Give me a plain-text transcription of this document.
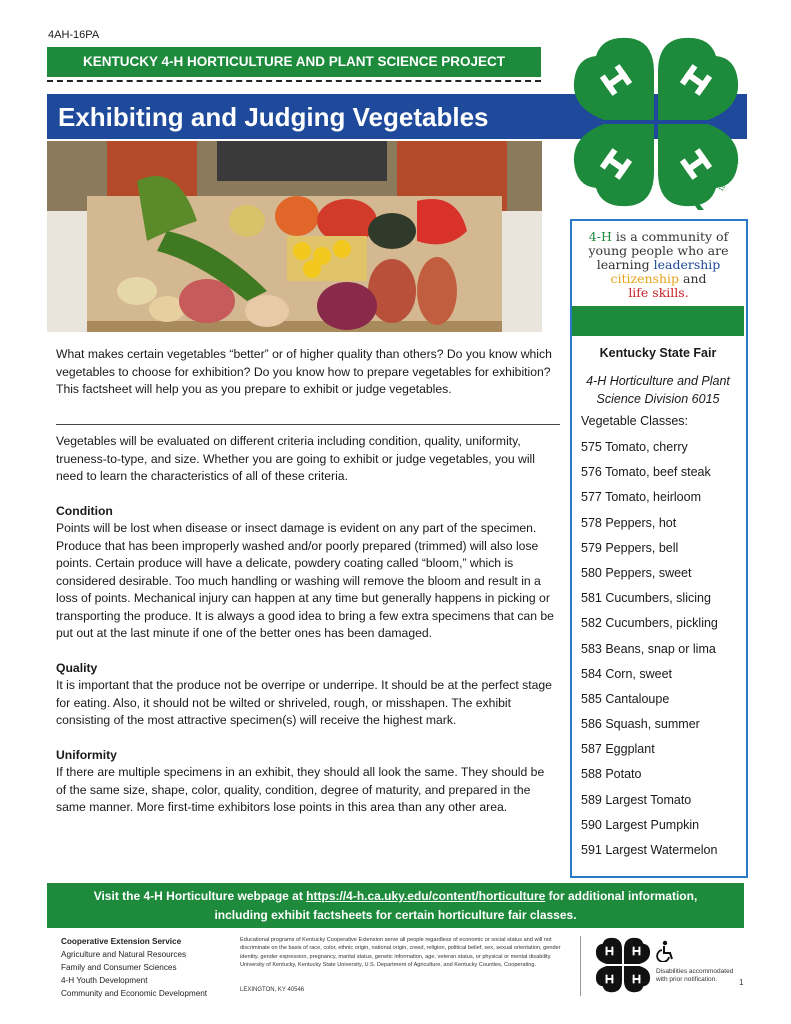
4AH-16PA
KENTUCKY 4-H HORTICULTURE AND PLANT SCIENCE PROJECT
Exhibiting and Judging Vegetables
18 USC 707
4-H is a community of young people who are learning leadership citizenship and
life skills.
Kentucky State Fair
4-H Horticulture and Plant Science Division 6015
Vegetable Classes:
575 Tomato, cherry
576 Tomato, beef steak
577 Tomato, heirloom
578 Peppers, hot
579 Peppers, bell
580 Peppers, sweet
581 Cucumbers, slicing
582 Cucumbers, pickling
583 Beans, snap or lima
584 Corn, sweet
585 Cantaloupe
586 Squash, summer
587 Eggplant
588 Potato
589 Largest Tomato
590 Largest Pumpkin
591 Largest Watermelon
What makes certain vegetables “better” or of higher quality than others? Do you know which vegetables to choose for exhibition? Do you know how to prepare vegetables for exhibition? This factsheet will help you as you prepare to exhibit or judge vegetables.
Vegetables will be evaluated on different criteria including condition, quality, uniformity, trueness-to-type, and size. Whether you are going to exhibit or judge vegetables, you will need to learn the characteristics of all of these criteria.
Condition
Points will be lost when disease or insect damage is evident on any part of the specimen. Produce that has been improperly washed and/or poorly prepared (trimmed) will also lose points. Certain produce will have a delicate, powdery coating called “bloom,” which is considered desirable. Too much handling or washing will remove the bloom and result in a loss of points. Mechanical injury can happen at any time but generally happens in picking or transporting the produce. It is always a good idea to bring a few extra specimens that can be put out at the last minute if one of the better ones has been damaged.
Quality
It is important that the produce not be overripe or underripe. It should be at the perfect stage for eating. Also, it should not be wilted or shriveled, rough, or misshapen. The exhibit consisting of the most attractive specimen(s) will receive the highest mark.
Uniformity
If there are multiple specimens in an exhibit, they should all look the same. They should be of the same size, shape, color, quality, condition, degree of maturity, and prepared in the same manner. More first-time exhibitors lose points in this area than any other area.
Visit the 4-H Horticulture webpage at https://4-h.ca.uky.edu/content/horticulture for additional information,
including exhibit factsheets for certain horticulture fair classes.
Cooperative Extension Service
Agriculture and Natural Resources
Family and Consumer Sciences
4-H Youth Development
Community and Economic Development
Educational programs of Kentucky Cooperative Extension serve all people regardless of economic or social status and will not discriminate on the basis of race, color, ethnic origin, national origin, creed, religion, political belief, sex, sexual orientation, gender identity, gender expression, pregnancy, marital status, genetic information, age, veteran status, or physical or mental disability. University of Kentucky, Kentucky State University, U.S. Department of Agriculture, and Kentucky Counties, Cooperating.
LEXINGTON, KY 40546
Disabilities accommodated with prior notification.	1
